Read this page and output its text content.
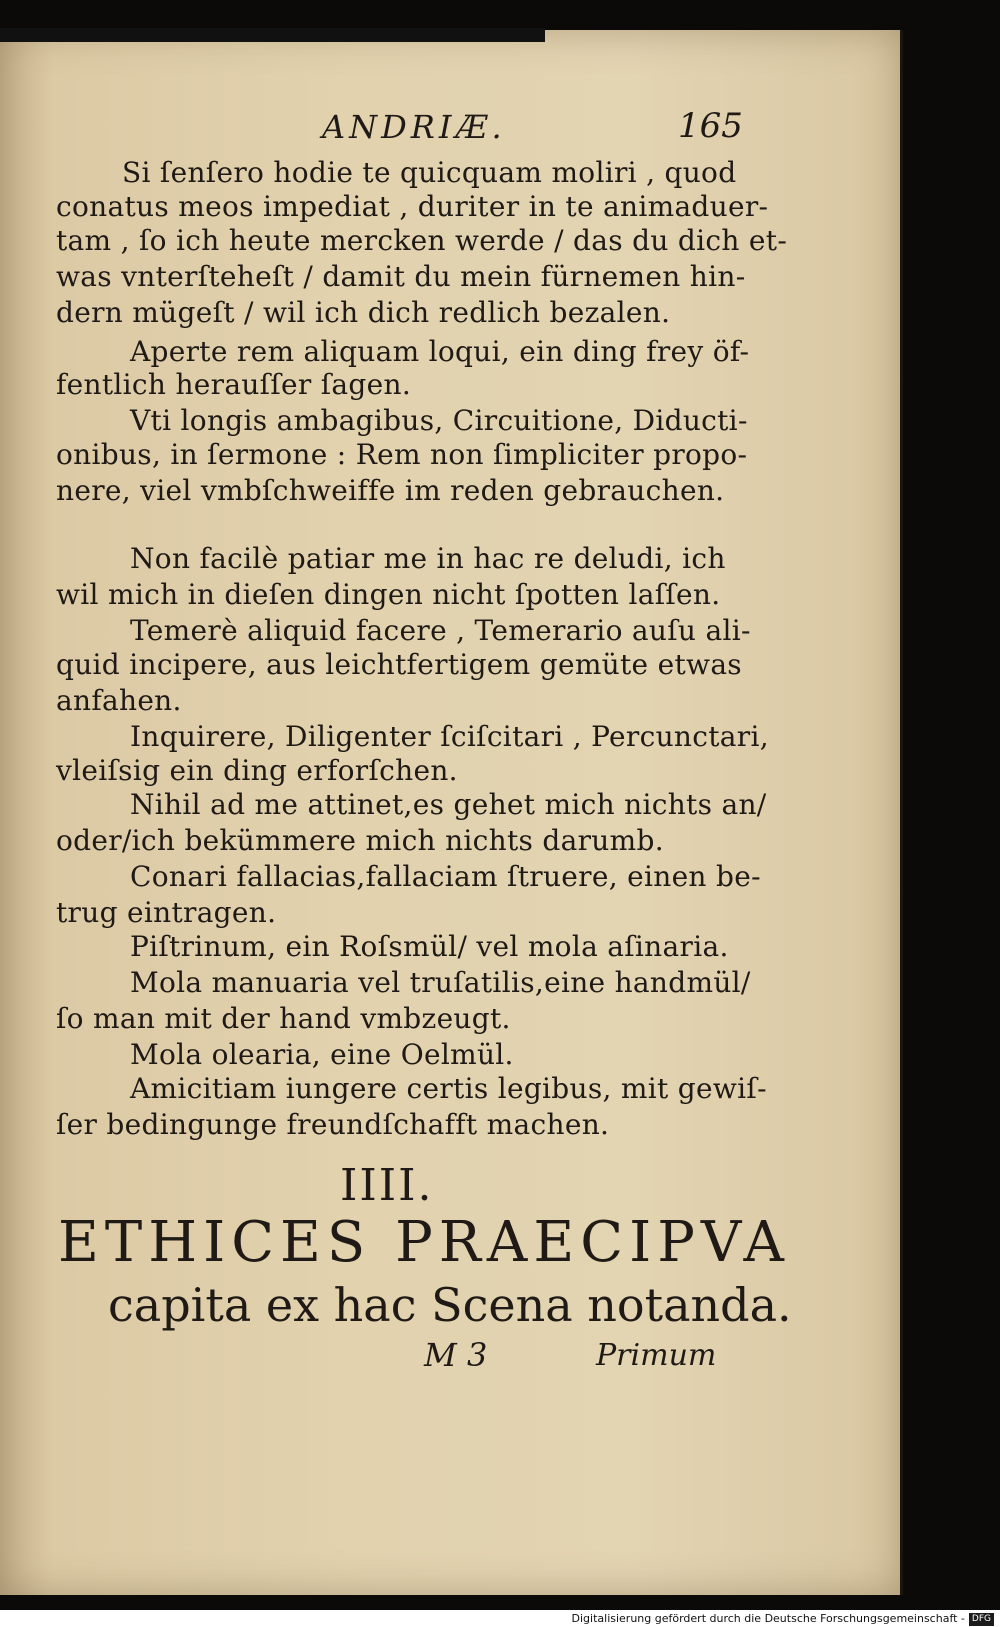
ANDRIÆ.	165
Si ſenſero hodie te quicquam moliri , quod
conatus meos impediat , duriter in te animaduer-
tam , ſo ich heute mercken werde / das du dich et-
was vnterſteheſt / damit du mein fürnemen hin-
dern mügeſt / wil ich dich redlich bezalen.
Aperte rem aliquam loqui, ein ding frey öf-
fentlich herauſſer ſagen.
Vti longis ambagibus, Circuitione, Diducti-
onibus, in ſermone : Rem non ſimpliciter propo-
nere, viel vmbſchweiffe im reden gebrauchen.
Non facilè patiar me in hac re deludi, ich
wil mich in dieſen dingen nicht ſpotten laſſen.
Temerè aliquid facere , Temerario auſu ali-
quid incipere, aus leichtfertigem gemüte etwas
anfahen.
Inquirere, Diligenter ſciſcitari , Percunctari,
vleiſsig ein ding erforſchen.
Nihil ad me attinet,es gehet mich nichts an/
oder/ich bekümmere mich nichts darumb.
Conari fallacias,fallaciam ſtruere, einen be-
trug eintragen.
Piſtrinum, ein Roſsmül/ vel mola aſinaria.
Mola manuaria vel truſatilis,eine handmül/
ſo man mit der hand vmbzeugt.
Mola olearia, eine Oelmül.
Amicitiam iungere certis legibus, mit gewiſ-
ſer bedingunge freundſchafft machen.
IIII.
ETHICES PRAECIPVA
capita ex hac Scena notanda.
M 3	Primum
Digitalisierung gefördert durch die Deutsche Forschungsgemeinschaft - DFG
